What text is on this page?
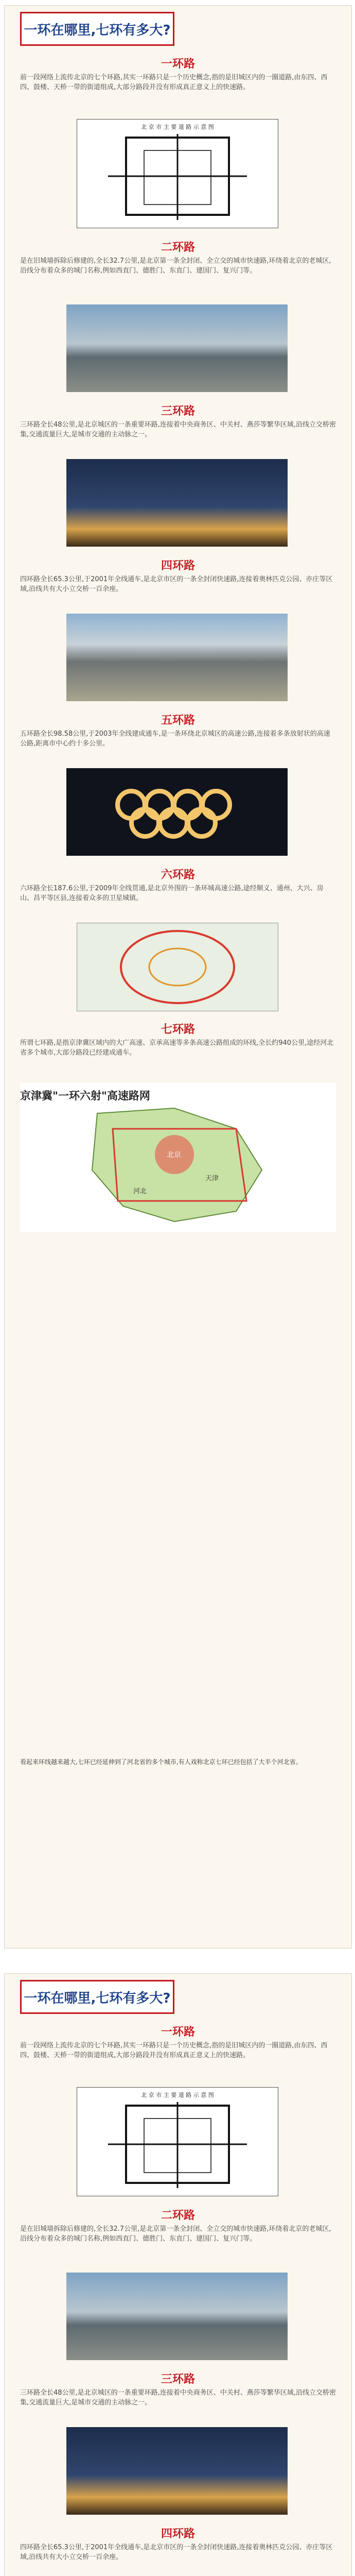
一环在哪里,七环有多大?
一环路
前一段网络上流传北京的七个环路,其实一环路只是一个历史概念,指的是旧城区内的一圈道路,由东四、西四、鼓楼、天桥一带的街道组成,大部分路段并没有形成真正意义上的快速路。
北 京 市 主 要 道 路 示 意 图
二环路
是在旧城墙拆除后修建的,全长32.7公里,是北京第一条全封闭、全立交的城市快速路,环绕着北京的老城区,沿线分布着众多的城门名称,例如西直门、德胜门、东直门、建国门、复兴门等。
三环路
三环路全长48公里,是北京城区的一条重要环路,连接着中央商务区、中关村、燕莎等繁华区域,沿线立交桥密集,交通流量巨大,是城市交通的主动脉之一。
四环路
四环路全长65.3公里,于2001年全线通车,是北京市区的一条全封闭快速路,连接着奥林匹克公园、亦庄等区域,沿线共有大小立交桥一百余座。
五环路
五环路全长98.58公里,于2003年全线建成通车,是一条环绕北京城区的高速公路,连接着多条放射状的高速公路,距离市中心约十多公里。
六环路
六环路全长187.6公里,于2009年全线贯通,是北京外围的一条环城高速公路,途经顺义、通州、大兴、房山、昌平等区县,连接着众多的卫星城镇。
七环路
所谓七环路,是指京津冀区域内的大广高速、京承高速等多条高速公路组成的环线,全长约940公里,途经河北省多个城市,大部分路段已经建成通车。
京津冀"一环六射"高速路网
北京
天津
河北
看起来环线越来越大,七环已经延伸到了河北省的多个城市,有人戏称北京七环已经包括了大半个河北省。
一环在哪里,七环有多大?
一环路
前一段网络上流传北京的七个环路,其实一环路只是一个历史概念,指的是旧城区内的一圈道路,由东四、西四、鼓楼、天桥一带的街道组成,大部分路段并没有形成真正意义上的快速路。
北 京 市 主 要 道 路 示 意 图
二环路
是在旧城墙拆除后修建的,全长32.7公里,是北京第一条全封闭、全立交的城市快速路,环绕着北京的老城区,沿线分布着众多的城门名称,例如西直门、德胜门、东直门、建国门、复兴门等。
三环路
三环路全长48公里,是北京城区的一条重要环路,连接着中央商务区、中关村、燕莎等繁华区域,沿线立交桥密集,交通流量巨大,是城市交通的主动脉之一。
四环路
四环路全长65.3公里,于2001年全线通车,是北京市区的一条全封闭快速路,连接着奥林匹克公园、亦庄等区域,沿线共有大小立交桥一百余座。
